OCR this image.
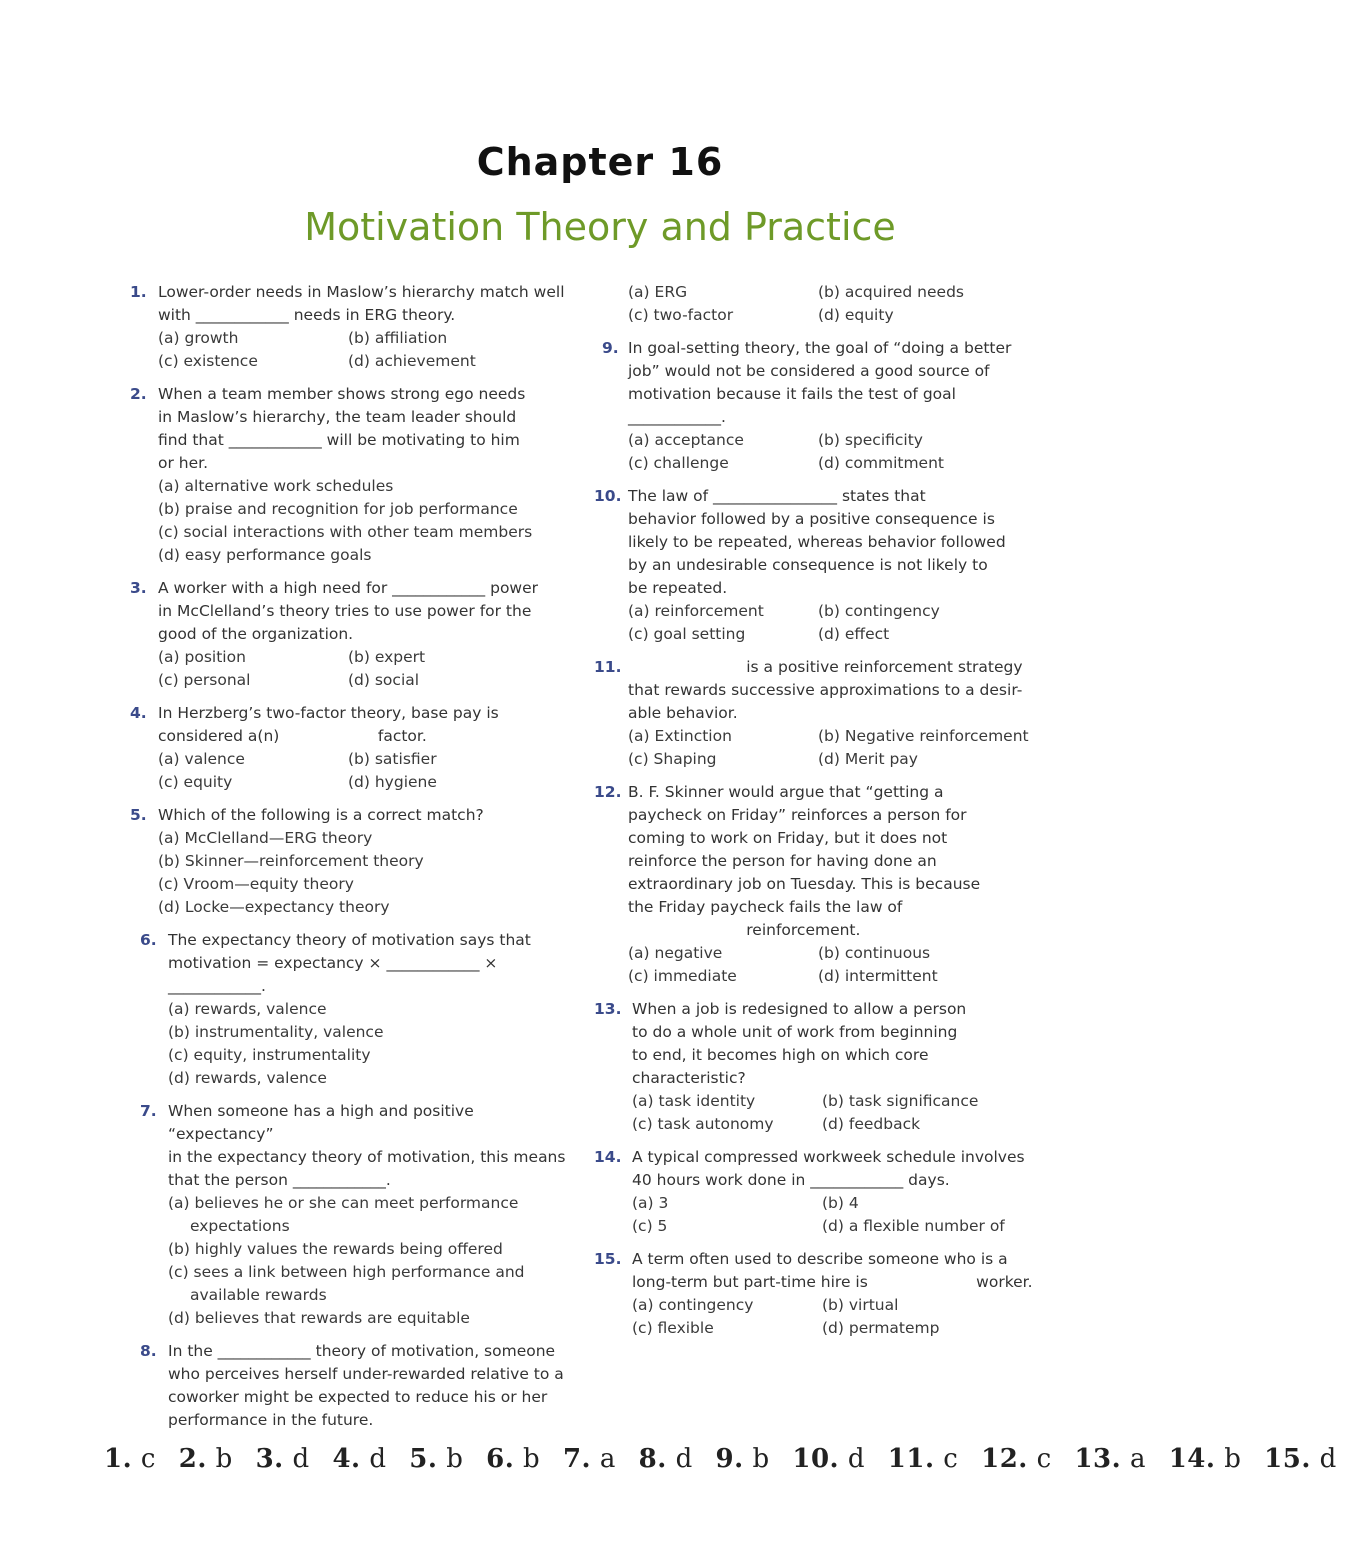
Chapter 16
Motivation Theory and Practice
1. Lower-order needs in Maslow’s hierarchy match well
with ____________ needs in ERG theory.
(a) growth	(b) affiliation
(c) existence	(d) achievement
2. When a team member shows strong ego needs
in Maslow’s hierarchy, the team leader should
find that ____________ will be motivating to him
or her.
(a) alternative work schedules
(b) praise and recognition for job performance
(c) social interactions with other team members
(d) easy performance goals
3. A worker with a high need for ____________ power
in McClelland’s theory tries to use power for the
good of the organization.
(a) position	(b) expert
(c) personal	(d) social
4. In Herzberg’s two-factor theory, base pay is
considered a(n)                    factor.
(a) valence	(b) satisfier
(c) equity	(d) hygiene
5. Which of the following is a correct match?
(a) McClelland—ERG theory
(b) Skinner—reinforcement theory
(c) Vroom—equity theory
(d) Locke—expectancy theory
6. The expectancy theory of motivation says that
motivation = expectancy × ____________ ×
____________.
(a) rewards, valence
(b) instrumentality, valence
(c) equity, instrumentality
(d) rewards, valence
7. When someone has a high and positive “expectancy”
in the expectancy theory of motivation, this means
that the person ____________.
(a) believes he or she can meet performance expectations
(b) highly values the rewards being offered
(c) sees a link between high performance and available rewards
(d) believes that rewards are equitable
8. In the ____________ theory of motivation, someone
who perceives herself under-rewarded relative to a
coworker might be expected to reduce his or her
performance in the future.
(a) ERG	(b) acquired needs
(c) two-factor	(d) equity
9. In goal-setting theory, the goal of “doing a better
job” would not be considered a good source of
motivation because it fails the test of goal
____________.
(a) acceptance	(b) specificity
(c) challenge	(d) commitment
10. The law of ________________ states that
behavior followed by a positive consequence is
likely to be repeated, whereas behavior followed
by an undesirable consequence is not likely to
be repeated.
(a) reinforcement	(b) contingency
(c) goal setting	(d) effect
11.	is a positive reinforcement strategy
that rewards successive approximations to a desir-
able behavior.
(a) Extinction	(b) Negative reinforcement
(c) Shaping	(d) Merit pay
12. B. F. Skinner would argue that “getting a
paycheck on Friday” reinforces a person for
coming to work on Friday, but it does not
reinforce the person for having done an
extraordinary job on Tuesday. This is because
the Friday paycheck fails the law of
reinforcement.
(a) negative	(b) continuous
(c) immediate	(d) intermittent
13. When a job is redesigned to allow a person
to do a whole unit of work from beginning
to end, it becomes high on which core
characteristic?
(a) task identity	(b) task significance
(c) task autonomy	(d) feedback
14. A typical compressed workweek schedule involves
40 hours work done in ____________ days.
(a) 3	(b) 4
(c) 5	(d) a flexible number of
15. A term often used to describe someone who is a
long-term but part-time hire is                      worker.
(a) contingency	(b) virtual
(c) flexible	(d) permatemp
1. c 2. b 3. d 4. d 5. b 6. b 7. a 8. d 9. b 10. d 11. c 12. c 13. a 14. b 15. d
